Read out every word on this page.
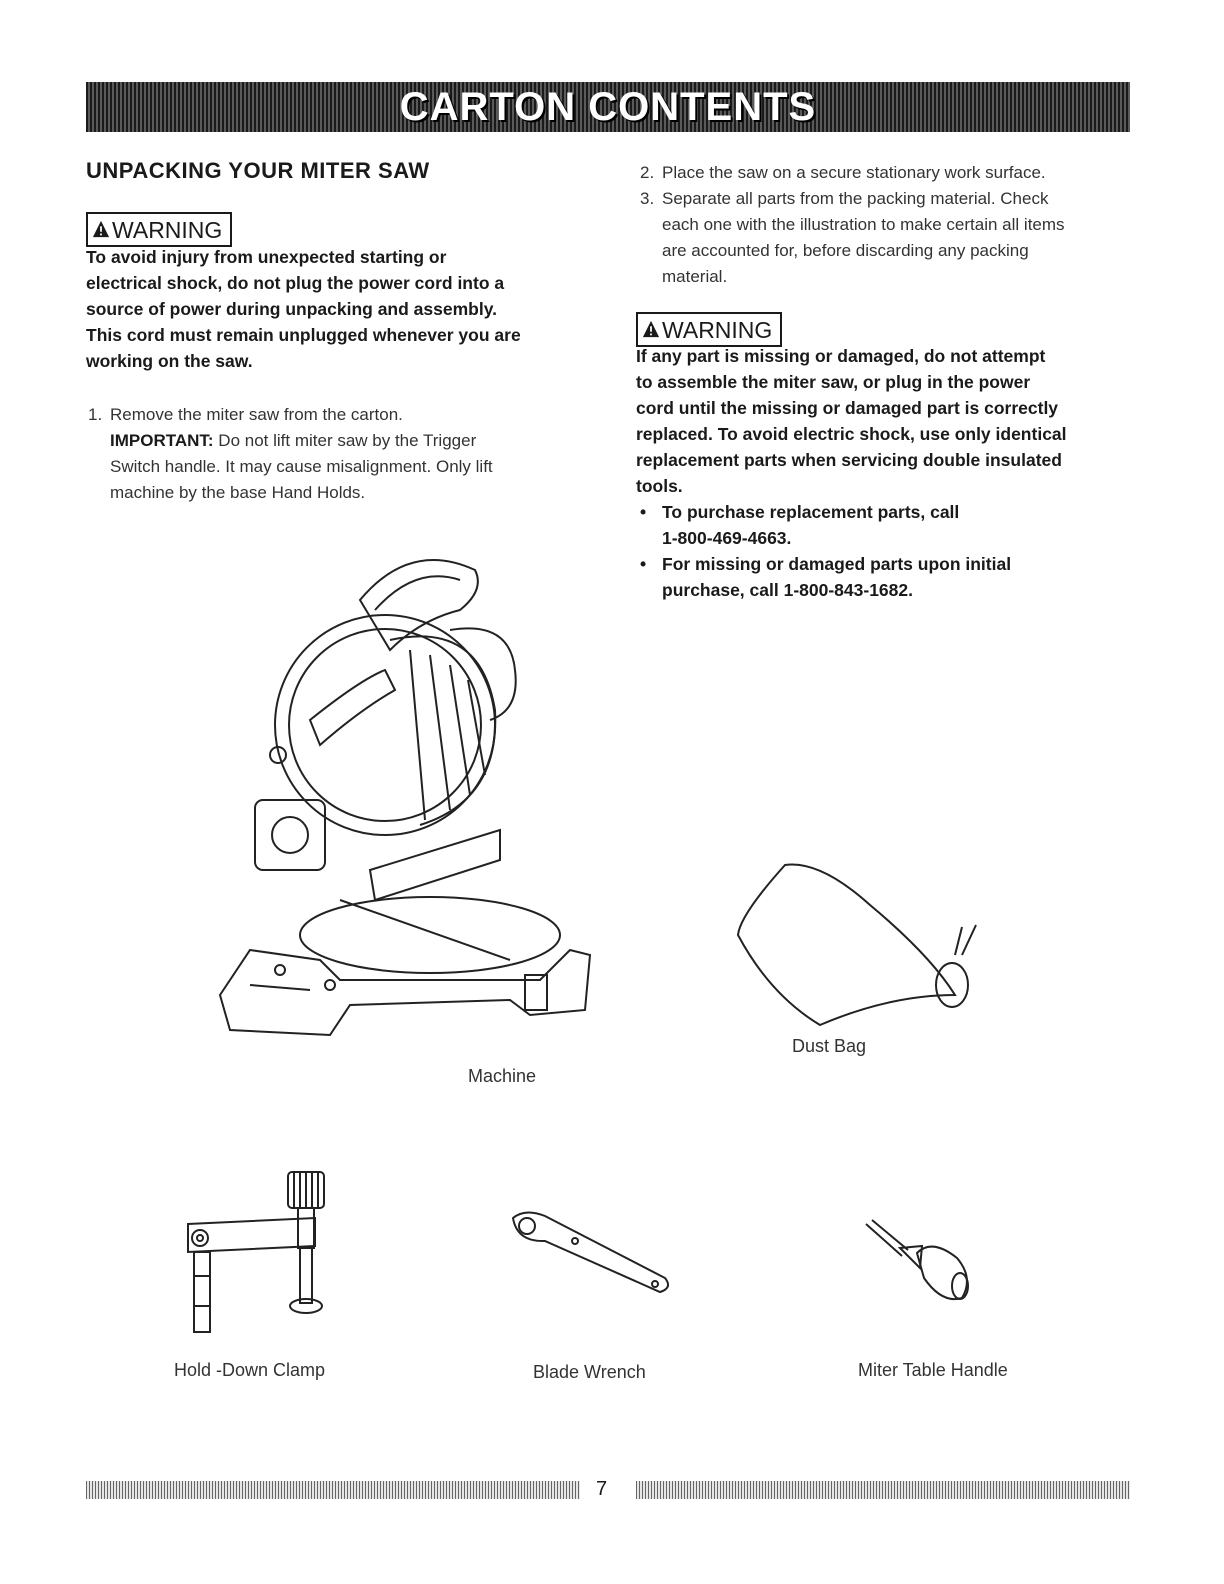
CARTON CONTENTS
UNPACKING YOUR MITER SAW
WARNING
To avoid injury from unexpected starting or
electrical shock, do not plug the power cord into a
source of power during unpacking and assembly.
This cord must remain unplugged whenever you are
working on the saw.
1. Remove the miter saw from the carton.
IMPORTANT: Do not lift miter saw by the Trigger
Switch handle. It may cause misalignment. Only lift
machine by the base Hand Holds.
2. Place the saw on a secure stationary work surface.
3. Separate all parts from the packing material. Check
each one with the illustration to make certain all items
are accounted for, before discarding any packing
material.
WARNING
If any part is missing or damaged, do not attempt
to assemble the miter saw, or plug in the power
cord until the missing or damaged part is correctly
replaced. To avoid electric shock, use only identical
replacement parts when servicing double insulated
tools.
• To purchase replacement parts, call
1-800-469-4663.
• For missing or damaged parts upon initial
purchase, call 1-800-843-1682.
Machine
Dust Bag
Hold -Down Clamp	Blade Wrench	Miter Table Handle
7
